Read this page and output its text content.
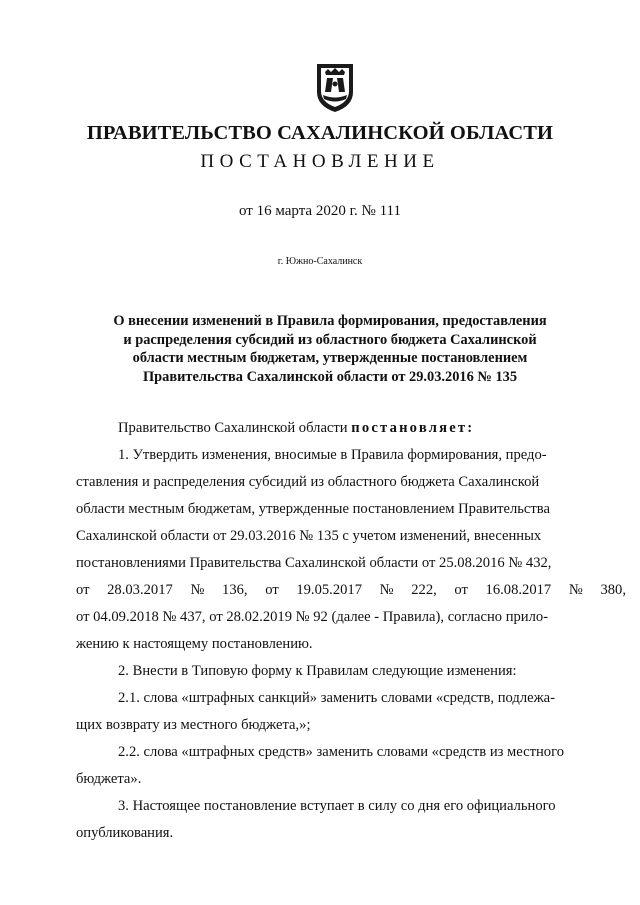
ПРАВИТЕЛЬСТВО САХАЛИНСКОЙ ОБЛАСТИ
ПОСТАНОВЛЕНИЕ
от 16 марта 2020 г. № 111
г. Южно-Сахалинск
О внесении изменений в Правила формирования, предоставления
и распределения субсидий из областного бюджета Сахалинской
области местным бюджетам, утвержденные постановлением
Правительства Сахалинской области от 29.03.2016 № 135
Правительство Сахалинской области постановляет:
1. Утвердить изменения, вносимые в Правила формирования, предо-
ставления и распределения субсидий из областного бюджета Сахалинской
области местным бюджетам, утвержденные постановлением Правительства
Сахалинской области от 29.03.2016 № 135 с учетом изменений, внесенных
постановлениями Правительства Сахалинской области от 25.08.2016 № 432,
от 28.03.2017 № 136, от 19.05.2017 № 222, от 16.08.2017 № 380,
от 04.09.2018 № 437, от 28.02.2019 № 92 (далее - Правила), согласно прило-
жению к настоящему постановлению.
2. Внести в Типовую форму к Правилам следующие изменения:
2.1. слова «штрафных санкций» заменить словами «средств, подлежа-
щих возврату из местного бюджета,»;
2.2. слова «штрафных средств» заменить словами «средств из местного
бюджета».
3. Настоящее постановление вступает в силу со дня его официального
опубликования.
